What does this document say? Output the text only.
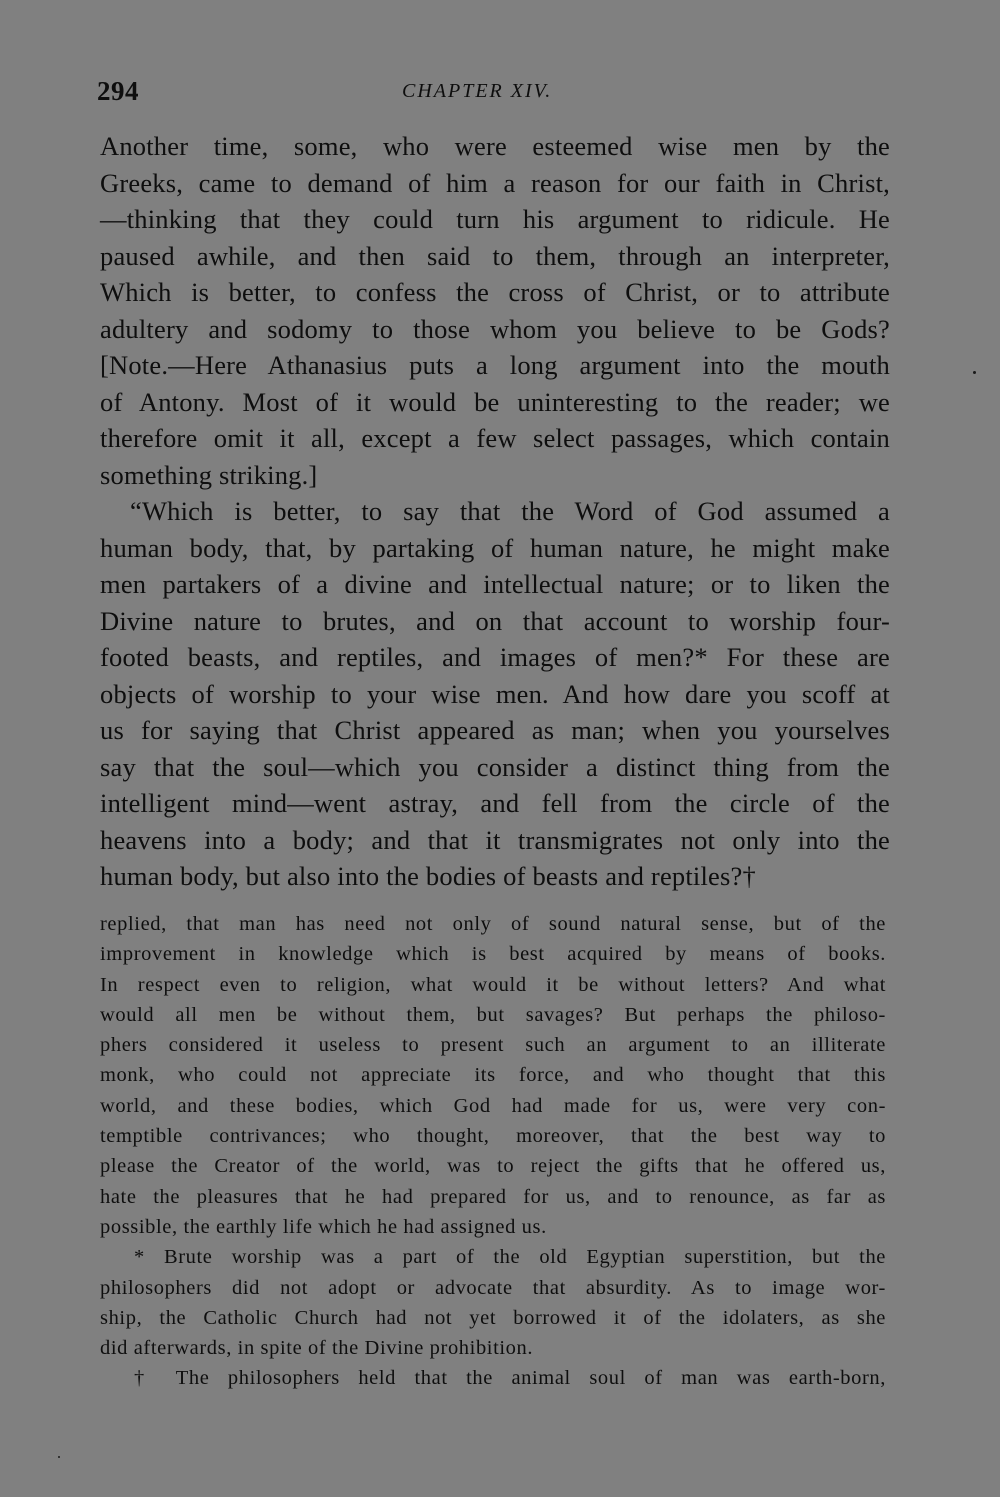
294	CHAPTER XIV.
Another time, some, who were esteemed wise men by the
Greeks, came to demand of him a reason for our faith in Christ,
—thinking that they could turn his argument to ridicule. He
paused awhile, and then said to them, through an interpreter,
Which is better, to confess the cross of Christ, or to attribute
adultery and sodomy to those whom you believe to be Gods?
[Note.—Here Athanasius puts a long argument into the mouth
of Antony. Most of it would be uninteresting to the reader; we
therefore omit it all, except a few select passages, which contain
something striking.]
“Which is better, to say that the Word of God assumed a
human body, that, by partaking of human nature, he might make
men partakers of a divine and intellectual nature; or to liken the
Divine nature to brutes, and on that account to worship four-
footed beasts, and reptiles, and images of men?* For these are
objects of worship to your wise men. And how dare you scoff at
us for saying that Christ appeared as man; when you yourselves
say that the soul—which you consider a distinct thing from the
intelligent mind—went astray, and fell from the circle of the
heavens into a body; and that it transmigrates not only into the
human body, but also into the bodies of beasts and reptiles?†
replied, that man has need not only of sound natural sense, but of the
improvement in knowledge which is best acquired by means of books.
In respect even to religion, what would it be without letters? And what
would all men be without them, but savages? But perhaps the philoso-
phers considered it useless to present such an argument to an illiterate
monk, who could not appreciate its force, and who thought that this
world, and these bodies, which God had made for us, were very con-
temptible contrivances; who thought, moreover, that the best way to
please the Creator of the world, was to reject the gifts that he offered us,
hate the pleasures that he had prepared for us, and to renounce, as far as
possible, the earthly life which he had assigned us.
* Brute worship was a part of the old Egyptian superstition, but the
philosophers did not adopt or advocate that absurdity. As to image wor-
ship, the Catholic Church had not yet borrowed it of the idolaters, as she
did afterwards, in spite of the Divine prohibition.
† The philosophers held that the animal soul of man was earth-born,
